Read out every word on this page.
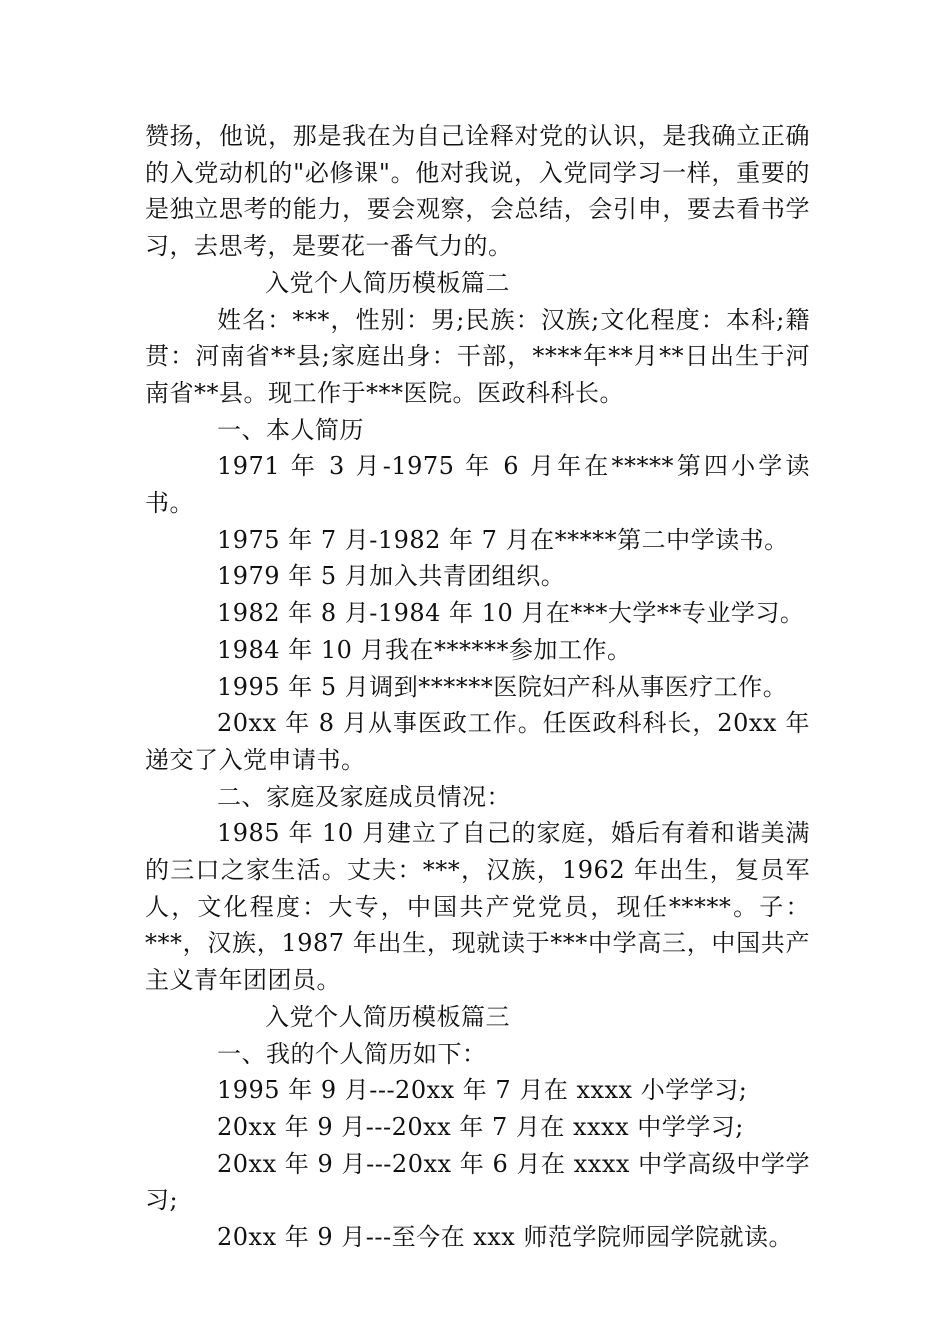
赞扬，他说，那是我在为自己诠释对党的认识，是我确立正确的入党动机的"必修课"。他对我说，入党同学习一样，重要的是独立思考的能力，要会观察，会总结，会引申，要去看书学习，去思考，是要花一番气力的。

入党个人简历模板篇二

姓名：***，性别：男;民族：汉族;文化程度：本科;籍贯：河南省**县;家庭出身：干部，****年**月**日出生于河南省**县。现工作于***医院。医政科科长。

一、本人简历

1971 年 3 月-1975 年 6 月年在*****第四小学读书。

1975 年 7 月-1982 年 7 月在*****第二中学读书。

1979 年 5 月加入共青团组织。

1982 年 8 月-1984 年 10 月在***大学**专业学习。

1984 年 10 月我在******参加工作。

1995 年 5 月调到******医院妇产科从事医疗工作。

20xx 年 8 月从事医政工作。任医政科科长，20xx 年递交了入党申请书。

二、家庭及家庭成员情况：

1985 年 10 月建立了自己的家庭，婚后有着和谐美满的三口之家生活。丈夫：***，汉族，1962 年出生，复员军人，文化程度：大专，中国共产党党员，现任*****。子：***，汉族，1987 年出生，现就读于***中学高三，中国共产主义青年团团员。

入党个人简历模板篇三

一、我的个人简历如下：

1995 年 9 月---20xx 年 7 月在 xxxx 小学学习;

20xx 年 9 月---20xx 年 7 月在 xxxx 中学学习;

20xx 年 9 月---20xx 年 6 月在 xxxx 中学高级中学学习;

20xx 年 9 月---至今在 xxx 师范学院师园学院就读。
